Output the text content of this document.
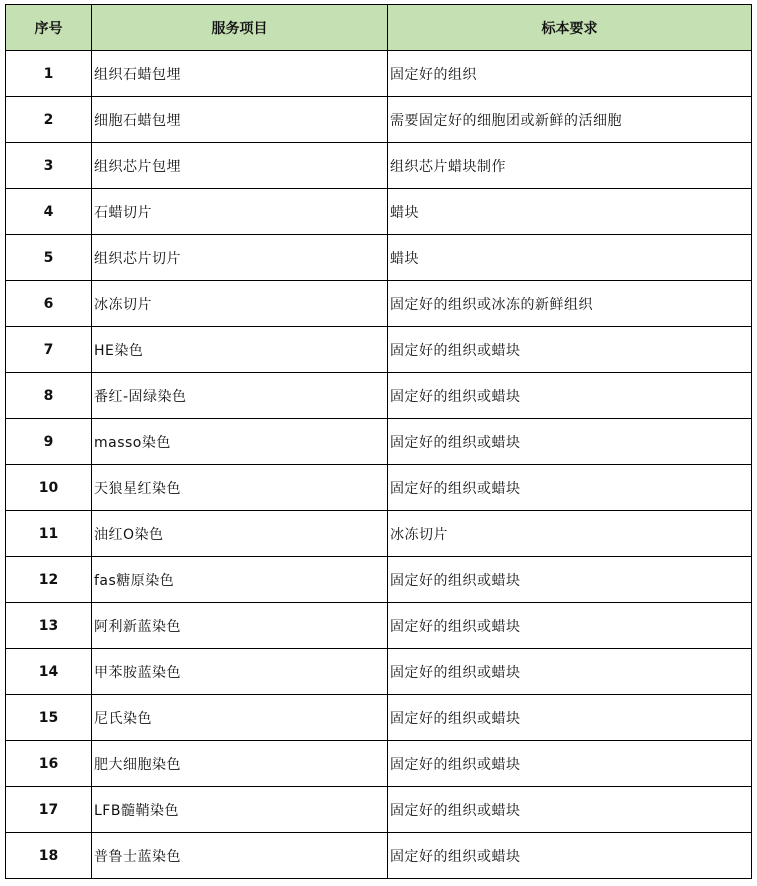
序号	服务项目	标本要求
1	组织石蜡包埋	固定好的组织
2	细胞石蜡包埋	需要固定好的细胞团或新鲜的活细胞
3	组织芯片包埋	组织芯片蜡块制作
4	石蜡切片	蜡块
5	组织芯片切片	蜡块
6	冰冻切片	固定好的组织或冰冻的新鲜组织
7	HE染色	固定好的组织或蜡块
8	番红-固绿染色	固定好的组织或蜡块
9	masso染色	固定好的组织或蜡块
10	天狼星红染色	固定好的组织或蜡块
11	油红O染色	冰冻切片
12	fas糖原染色	固定好的组织或蜡块
13	阿利新蓝染色	固定好的组织或蜡块
14	甲苯胺蓝染色	固定好的组织或蜡块
15	尼氏染色	固定好的组织或蜡块
16	肥大细胞染色	固定好的组织或蜡块
17	LFB髓鞘染色	固定好的组织或蜡块
18	普鲁士蓝染色	固定好的组织或蜡块
